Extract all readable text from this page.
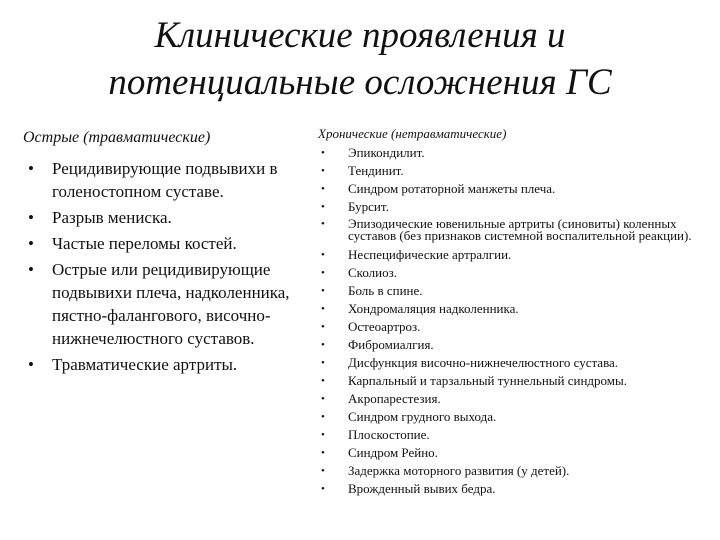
Клинические проявления и
потенциальные осложнения ГС
Острые (травматические)
• Рецидивирующие подвывихи в голеностопном суставе.
• Разрыв мениска.
• Частые переломы костей.
• Острые или рецидивирующие подвывихи плеча, надколенника, пястно-фалангового, височно-нижнечелюстного суставов.
• Травматические артриты.
Хронические (нетравматические)
• Эпикондилит.
• Тендинит.
• Синдром ротаторной манжеты плеча.
• Бурсит.
• Эпизодические ювенильные артриты (синовиты) коленных суставов (без признаков системной воспалительной реакции).
• Неспецифические артралгии.
• Сколиоз.
• Боль в спине.
• Хондромаляция надколенника.
• Остеоартроз.
• Фибромиалгия.
• Дисфункция височно-нижнечелюстного сустава.
• Карпальный и тарзальный туннельный синдромы.
• Акропарестезия.
• Синдром грудного выхода.
• Плоскостопие.
• Синдром Рейно.
• Задержка моторного развития (у детей).
• Врожденный вывих бедра.
